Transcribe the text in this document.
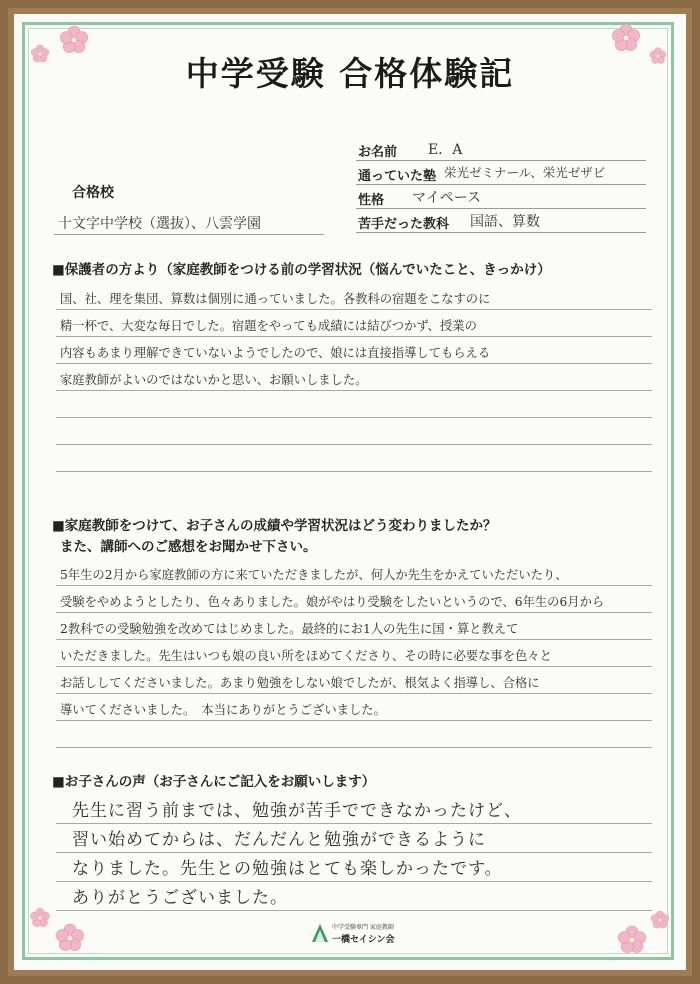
中学受験 合格体験記
お名前 E．A
通っていた塾 栄光ゼミナール、栄光ゼザビ
性格 マイペース
苦手だった教科 国語、算数
合格校
十文字中学校（選抜）、八雲学園
■保護者の方より（家庭教師をつける前の学習状況（悩んでいたこと、きっかけ）
国、社、理を集団、算数は個別に通っていました。各教科の宿題をこなすのに
精一杯で、大変な毎日でした。宿題をやっても成績には結びつかず、授業の
内容もあまり理解できていないようでしたので、娘には直接指導してもらえる
家庭教師がよいのではないかと思い、お願いしました。
■家庭教師をつけて、お子さんの成績や学習状況はどう変わりましたか？
また、講師へのご感想をお聞かせ下さい。
5年生の2月から家庭教師の方に来ていただきましたが、何人か先生をかえていただいたり、
受験をやめようとしたり、色々ありました。娘がやはり受験をしたいというので、6年生の6月から
2教科での受験勉強を改めてはじめました。最終的にお1人の先生に国・算と教えて
いただきました。先生はいつも娘の良い所をほめてくださり、その時に必要な事を色々と
お話ししてくださいました。あまり勉強をしない娘でしたが、根気よく指導し、合格に
導いてくださいました。　本当にありがとうございました。
■お子さんの声（お子さんにご記入をお願いします）
先生に習う前までは、勉強が苦手でできなかったけど、
習い始めてからは、だんだんと勉強ができるように
なりました。先生との勉強はとても楽しかったです。
ありがとうございました。
中学受験専門 家庭教師
一橋セイシン会
